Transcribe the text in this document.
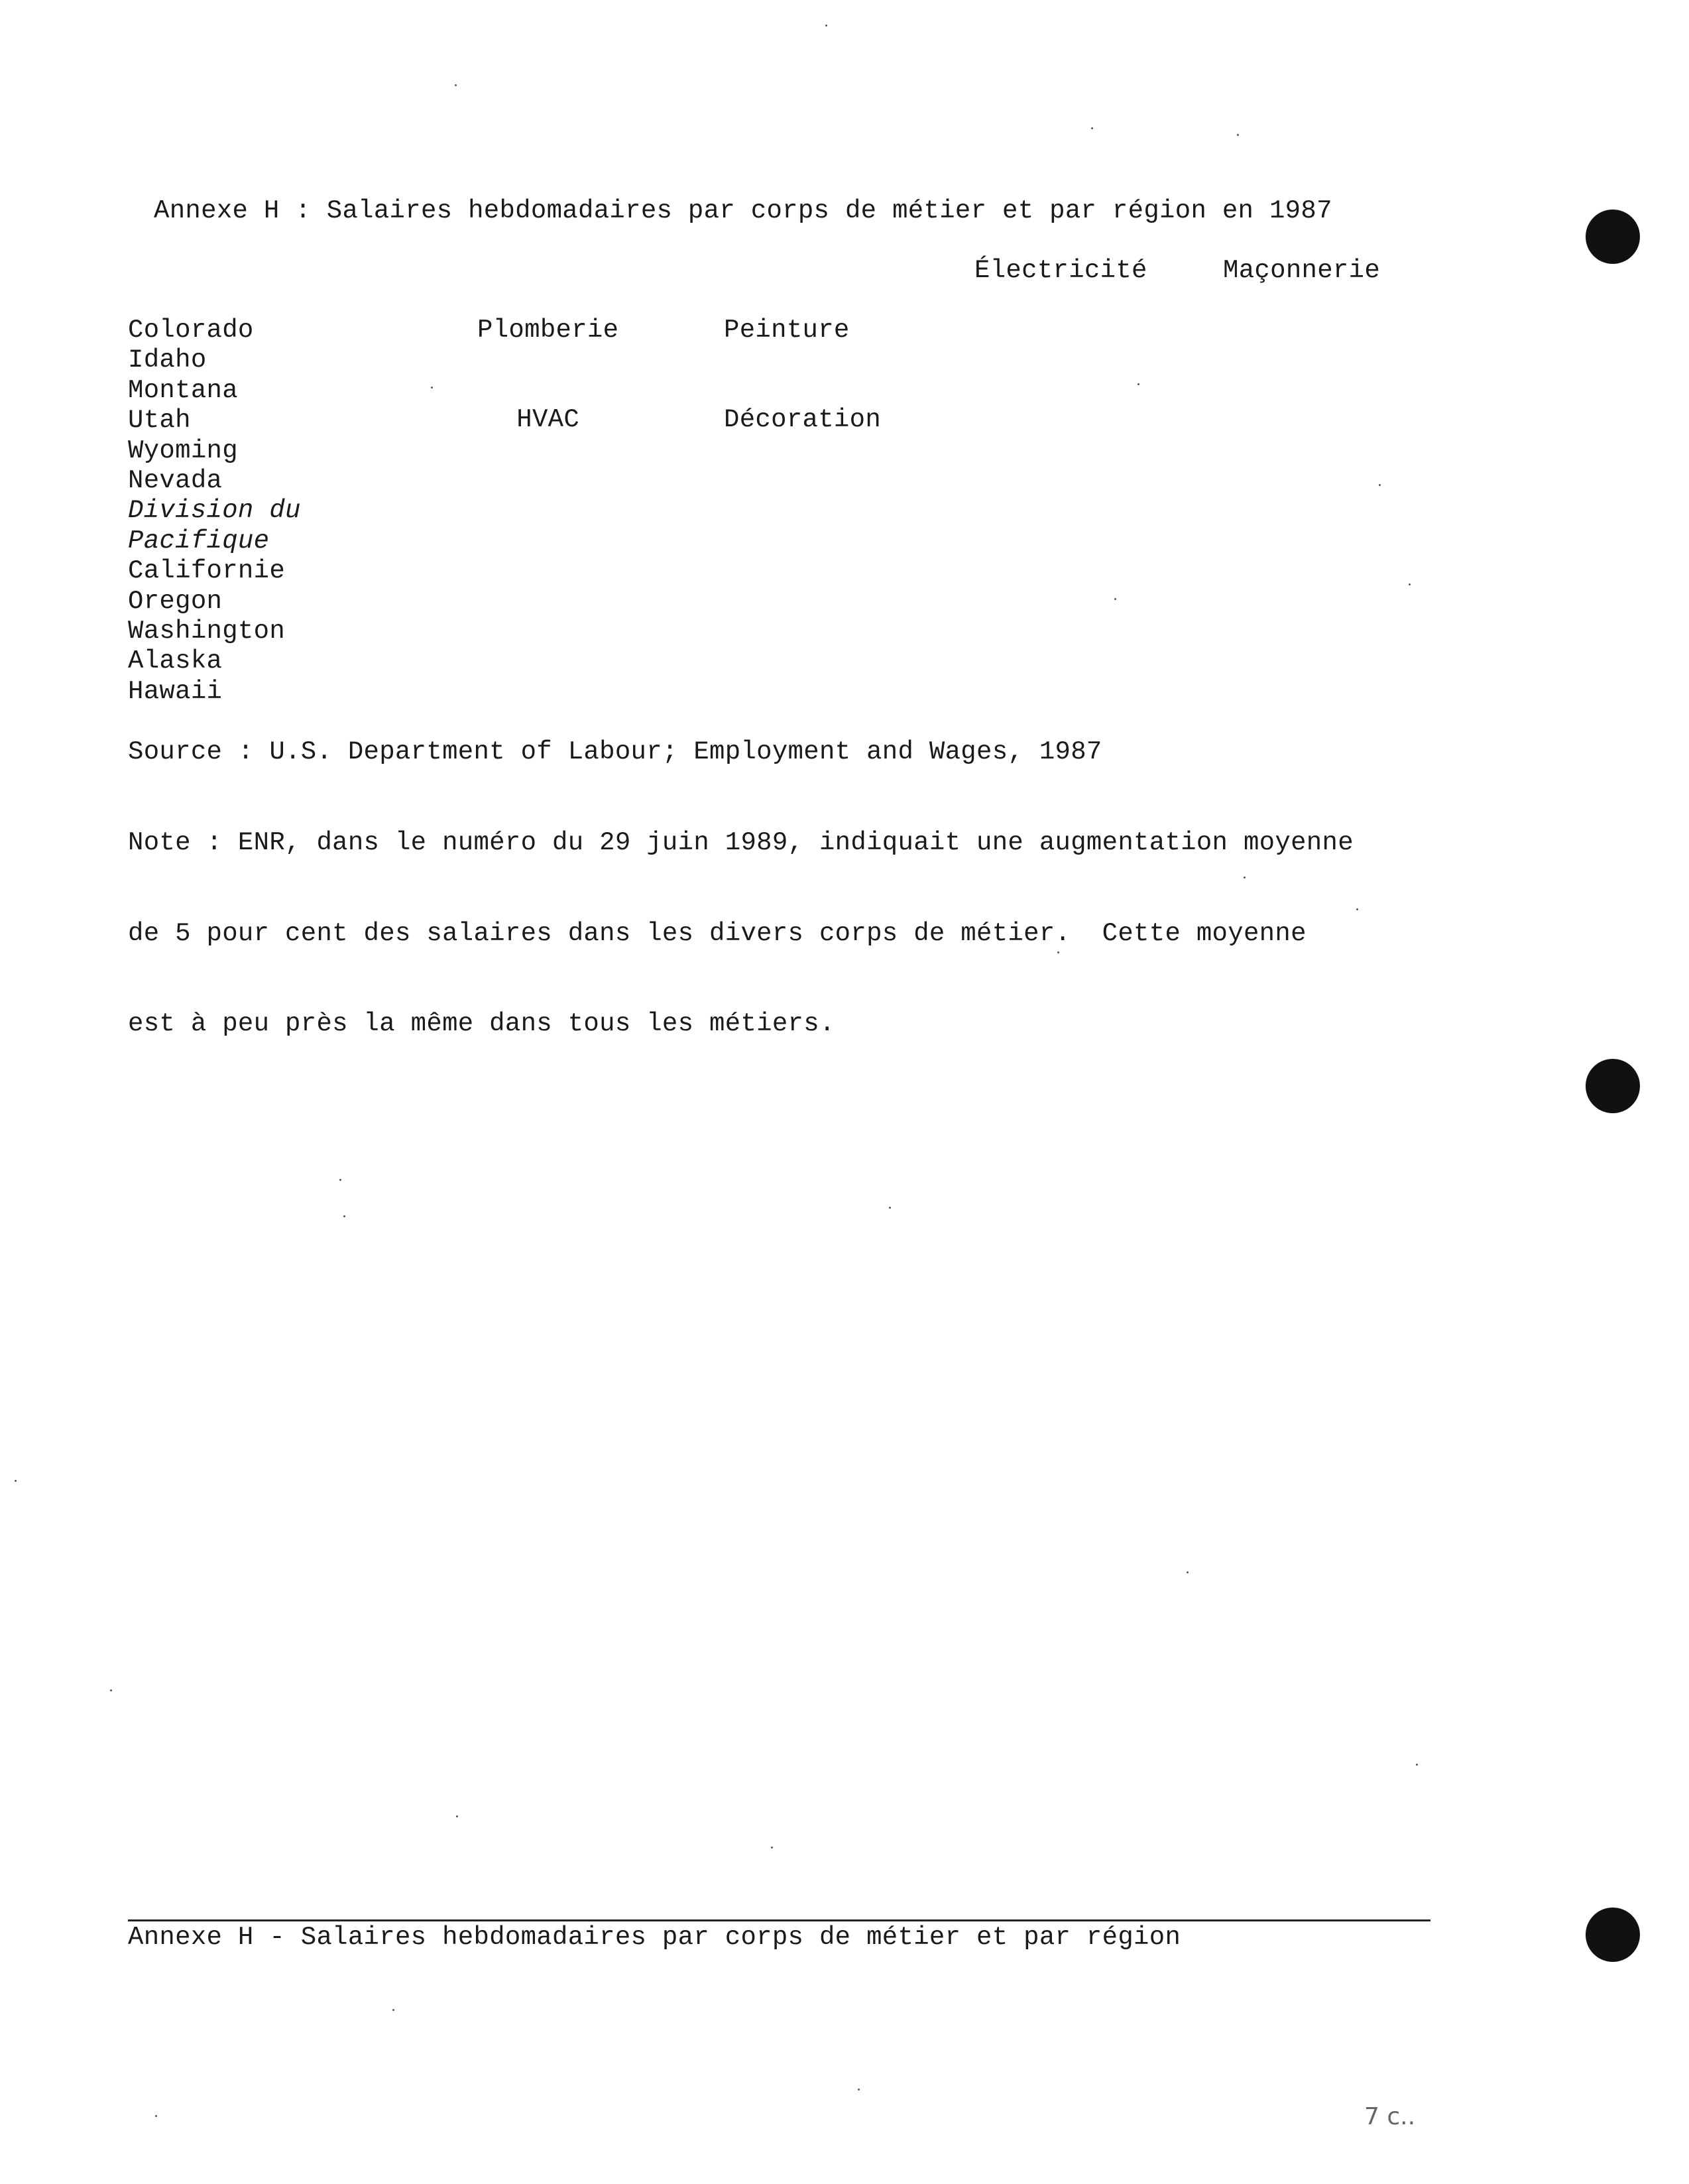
Annexe H : Salaires hebdomadaires par corps de métier et par région en 1987

Plomberie

HVAC

Peinture

Décoration

Électricité	Maçonnerie
Colorado
Idaho
Montana
Utah
Wyoming
Nevada
Division du
Pacifique
Californie
Oregon
Washington
Alaska
Hawaii
Source : U.S. Department of Labour; Employment and Wages, 1987

Note : ENR, dans le numéro du 29 juin 1989, indiquait une augmentation moyenne

de 5 pour cent des salaires dans les divers corps de métier.  Cette moyenne

est à peu près la même dans tous les métiers.

Annexe H - Salaires hebdomadaires par corps de métier et par région
7 c..
